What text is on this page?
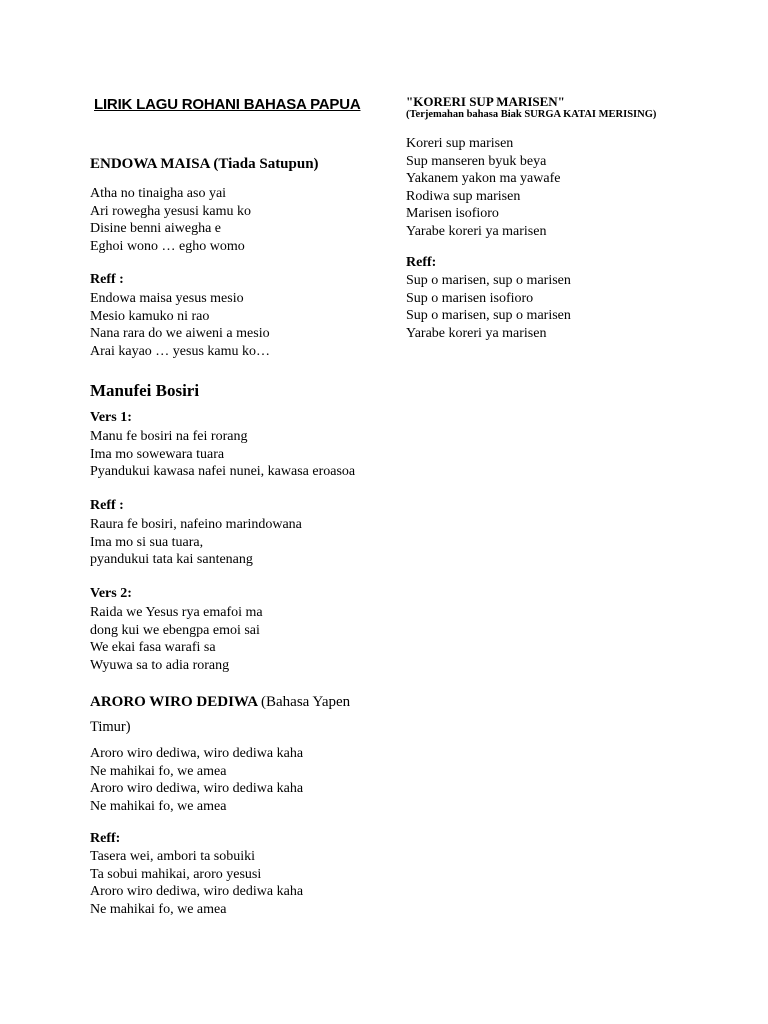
LIRIK LAGU ROHANI BAHASA PAPUA
ENDOWA MAISA (Tiada Satupun)
Atha no tinaigha aso yai
Ari rowegha yesusi kamu ko
Disine benni aiwegha e
Eghoi wono … egho womo
Reff :
Endowa maisa yesus mesio
Mesio kamuko ni rao
Nana rara do we aiweni a mesio
Arai kayao … yesus kamu ko…
Manufei Bosiri
Vers 1:
Manu fe bosiri na fei rorang
Ima mo sowewara tuara
Pyandukui kawasa nafei nunei, kawasa eroasoa
Reff :
Raura fe bosiri, nafeino marindowana
Ima mo si sua tuara,
pyandukui tata kai santenang
Vers 2:
Raida we Yesus rya emafoi ma
dong kui we ebengpa emoi sai
We ekai fasa warafi sa
Wyuwa sa to adia rorang
ARORO WIRO DEDIWA (Bahasa Yapen
Timur)
Aroro wiro dediwa, wiro dediwa kaha
Ne mahikai fo, we amea
Aroro wiro dediwa, wiro dediwa kaha
Ne mahikai fo, we amea
Reff:
Tasera wei, ambori ta sobuiki
Ta sobui mahikai, aroro yesusi
Aroro wiro dediwa, wiro dediwa kaha
Ne mahikai fo, we amea
"KORERI SUP MARISEN"
(Terjemahan bahasa Biak SURGA KATAI MERISING)
Koreri sup marisen
Sup manseren byuk beya
Yakanem yakon ma yawafe
Rodiwa sup marisen
Marisen isofioro
Yarabe koreri ya marisen
Reff:
Sup o marisen, sup o marisen
Sup o marisen isofioro
Sup o marisen, sup o marisen
Yarabe koreri ya marisen
